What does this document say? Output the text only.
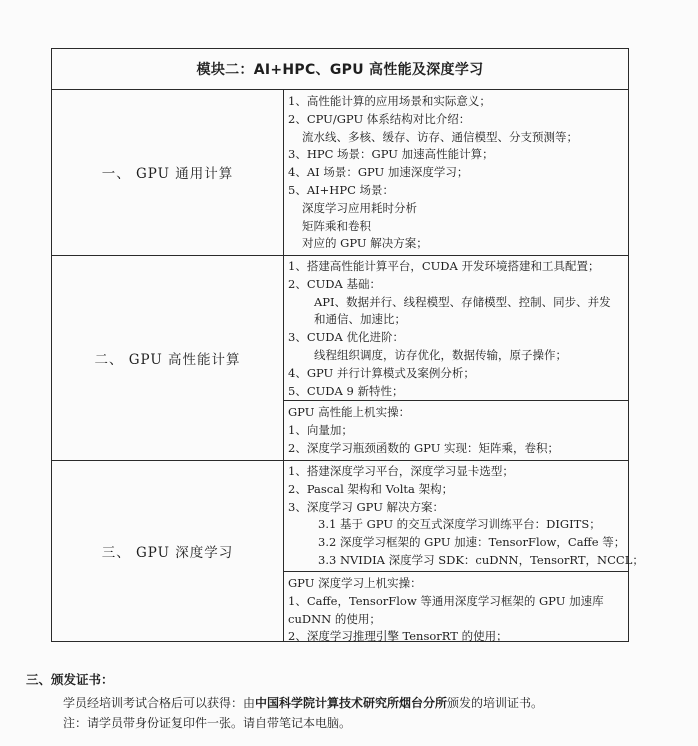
模块二：AI+HPC、GPU 高性能及深度学习
一、 GPU 通用计算
1、高性能计算的应用场景和实际意义；
2、CPU/GPU 体系结构对比介绍：
流水线、多核、缓存、访存、通信模型、分支预测等；
3、HPC 场景：GPU 加速高性能计算；
4、AI 场景：GPU 加速深度学习；
5、AI+HPC 场景：
深度学习应用耗时分析
矩阵乘和卷积
对应的 GPU 解决方案；
二、 GPU 高性能计算
1、搭建高性能计算平台，CUDA 开发环境搭建和工具配置；
2、CUDA 基础：
API、数据并行、线程模型、存储模型、控制、同步、并发和通信、加速比；
3、CUDA 优化进阶：
线程组织调度，访存优化，数据传输，原子操作；
4、GPU 并行计算模式及案例分析；
5、CUDA 9 新特性；
GPU 高性能上机实操：
1、向量加；
2、深度学习瓶颈函数的 GPU 实现：矩阵乘，卷积；
三、 GPU 深度学习
1、搭建深度学习平台，深度学习显卡选型；
2、Pascal 架构和 Volta 架构；
3、深度学习 GPU 解决方案：
3.1 基于 GPU 的交互式深度学习训练平台：DIGITS；
3.2 深度学习框架的 GPU 加速：TensorFlow，Caffe 等；
3.3 NVIDIA 深度学习 SDK：cuDNN，TensorRT，NCCL；
GPU 深度学习上机实操：
1、Caffe，TensorFlow 等通用深度学习框架的 GPU 加速库 cuDNN 的使用；
2、深度学习推理引擎 TensorRT 的使用；
三、颁发证书：
学员经培训考试合格后可以获得：由中国科学院计算技术研究所烟台分所颁发的培训证书。
注：请学员带身份证复印件一张。请自带笔记本电脑。
